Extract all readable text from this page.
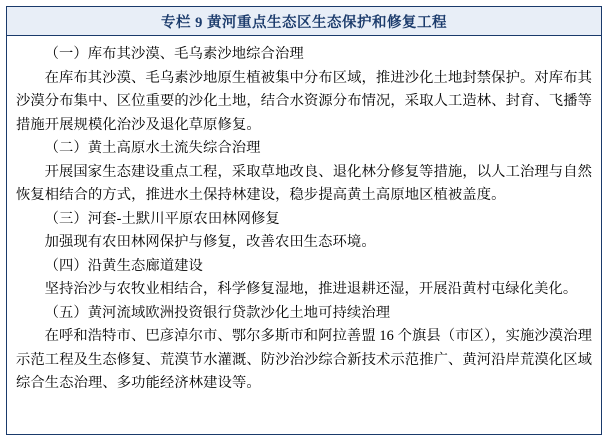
专栏 9 黄河重点生态区生态保护和修复工程

（一）库布其沙漠、毛乌素沙地综合治理

在库布其沙漠、毛乌素沙地原生植被集中分布区域，推进沙化土地封禁保护。对库布其沙漠分布集中、区位重要的沙化土地，结合水资源分布情况，采取人工造林、封育、飞播等措施开展规模化治沙及退化草原修复。

（二）黄土高原水土流失综合治理

开展国家生态建设重点工程，采取草地改良、退化林分修复等措施，以人工治理与自然恢复相结合的方式，推进水土保持林建设，稳步提高黄土高原地区植被盖度。

（三）河套-土默川平原农田林网修复

加强现有农田林网保护与修复，改善农田生态环境。

（四）沿黄生态廊道建设

坚持治沙与农牧业相结合，科学修复湿地，推进退耕还湿，开展沿黄村屯绿化美化。

（五）黄河流域欧洲投资银行贷款沙化土地可持续治理

在呼和浩特市、巴彦淖尔市、鄂尔多斯市和阿拉善盟 16 个旗县（市区），实施沙漠治理示范工程及生态修复、荒漠节水灌溉、防沙治沙综合新技术示范推广、黄河沿岸荒漠化区域综合生态治理、多功能经济林建设等。
